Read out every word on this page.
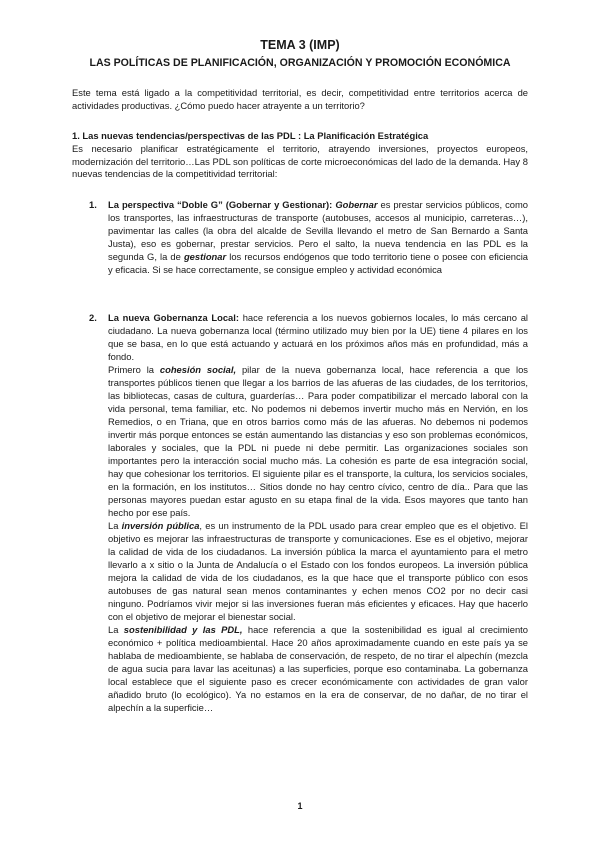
TEMA 3 (IMP)
LAS POLÍTICAS DE PLANIFICACIÓN, ORGANIZACIÓN Y PROMOCIÓN ECONÓMICA
Este tema está ligado a la competitividad territorial, es decir, competitividad entre territorios acerca de actividades productivas. ¿Cómo puedo hacer atrayente a un territorio?
1. Las nuevas tendencias/perspectivas de las PDL : La Planificación Estratégica
Es necesario planificar estratégicamente el territorio, atrayendo inversiones, proyectos europeos, modernización del territorio…Las PDL son políticas de corte microeconómicas del lado de la demanda. Hay 8 nuevas tendencias de la competitividad territorial:
1. La perspectiva “Doble G” (Gobernar y Gestionar): Gobernar es prestar servicios públicos, como los transportes, las infraestructuras de transporte (autobuses, accesos al municipio, carreteras…), pavimentar las calles (la obra del alcalde de Sevilla llevando el metro de San Bernardo a Santa Justa), eso es gobernar, prestar servicios. Pero el salto, la nueva tendencia en las PDL es la segunda G, la de gestionar los recursos endógenos que todo territorio tiene o posee con eficiencia y eficacia. Si se hace correctamente, se consigue empleo y actividad económica

2. La nueva Gobernanza Local: hace referencia a los nuevos gobiernos locales, lo más cercano al ciudadano. La nueva gobernanza local (término utilizado muy bien por la UE) tiene 4 pilares en los que se basa, en lo que está actuando y actuará en los próximos años más en profundidad, más a fondo.

Primero la cohesión social, pilar de la nueva gobernanza local, hace referencia a que los transportes públicos tienen que llegar a los barrios de las afueras de las ciudades, de los territorios, las bibliotecas, casas de cultura, guarderías… Para poder compatibilizar el mercado laboral con la vida personal, tema familiar, etc. No podemos ni debemos invertir mucho más en Nervión, en los Remedios, o en Triana, que en otros barrios como más de las afueras. No debemos ni podemos invertir más porque entonces se están aumentando las distancias y eso son problemas económicos, laborales y sociales, que la PDL ni puede ni debe permitir. Las organizaciones sociales son importantes pero la interacción social mucho más. La cohesión es parte de esa integración social, hay que cohesionar los territorios. El siguiente pilar es el transporte, la cultura, los servicios sociales, en la formación, en los institutos… Sitios donde no hay centro cívico, centro de día.. Para que las personas mayores puedan estar agusto en su etapa final de la vida. Esos mayores que tanto han hecho por ese país.

La inversión pública, es un instrumento de la PDL usado para crear empleo que es el objetivo. El objetivo es mejorar las infraestructuras de transporte y comunicaciones. Ese es el objetivo, mejorar la calidad de vida de los ciudadanos. La inversión pública la marca el ayuntamiento para el metro llevarlo a x sitio o la Junta de Andalucía o el Estado con los fondos europeos. La inversión pública mejora la calidad de vida de los ciudadanos, es la que hace que el transporte público con esos autobuses de gas natural sean menos contaminantes y echen menos CO2 por no decir casi ninguno. Podríamos vivir mejor si las inversiones fueran más eficientes y eficaces. Hay que hacerlo con el objetivo de mejorar el bienestar social.

La sostenibilidad y las PDL, hace referencia a que la sostenibilidad es igual al crecimiento económico + política medioambiental. Hace 20 años aproximadamente cuando en este país ya se hablaba de medioambiente, se hablaba de conservación, de respeto, de no tirar el alpechín (mezcla de agua sucia para lavar las aceitunas) a las superficies, porque eso contaminaba. La gobernanza local establece que el siguiente paso es crecer económicamente con actividades de gran valor añadido bruto (lo ecológico). Ya no estamos en la era de conservar, de no dañar, de no tirar el alpechín a la superficie…

1
